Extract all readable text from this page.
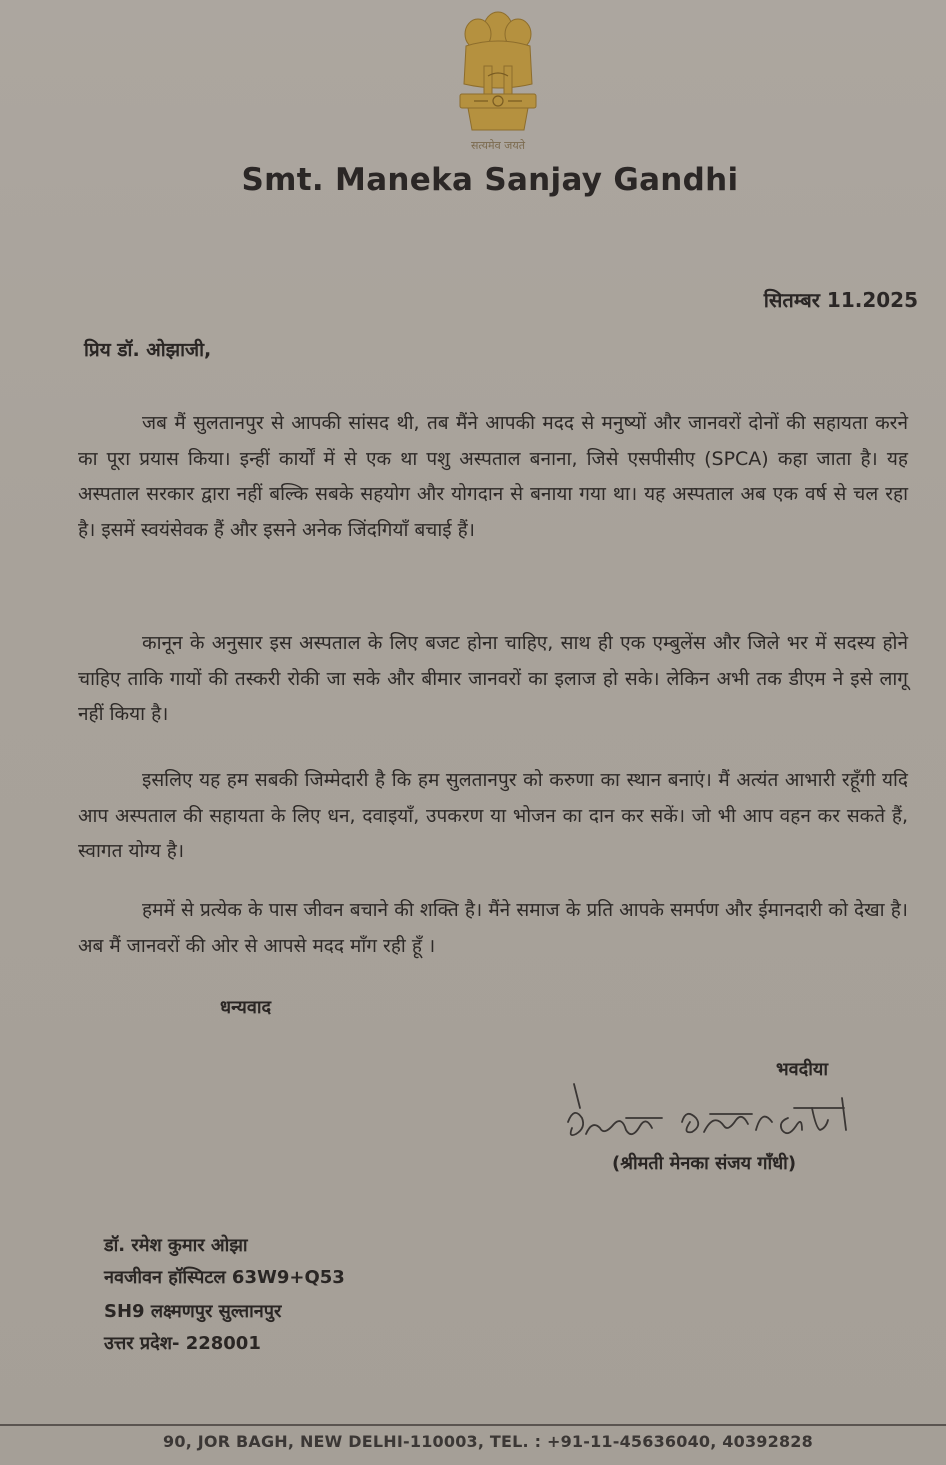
सत्यमेव जयते
Smt. Maneka Sanjay Gandhi
सितम्बर 11.2025
प्रिय डॉ. ओझाजी,
जब मैं सुलतानपुर से आपकी सांसद थी, तब मैंने आपकी मदद से मनुष्यों और जानवरों दोनों की सहायता करने का पूरा प्रयास किया। इन्हीं कार्यों में से एक था पशु अस्पताल बनाना, जिसे एसपीसीए (SPCA) कहा जाता है। यह अस्पताल सरकार द्वारा नहीं बल्कि सबके सहयोग और योगदान से बनाया गया था। यह अस्पताल अब एक वर्ष से चल रहा है। इसमें स्वयंसेवक हैं और इसने अनेक जिंदगियाँ बचाई हैं।
कानून के अनुसार इस अस्पताल के लिए बजट होना चाहिए, साथ ही एक एम्बुलेंस और जिले भर में सदस्य होने चाहिए ताकि गायों की तस्करी रोकी जा सके और बीमार जानवरों का इलाज हो सके। लेकिन अभी तक डीएम ने इसे लागू नहीं किया है।
इसलिए यह हम सबकी जिम्मेदारी है कि हम सुलतानपुर को करुणा का स्थान बनाएं। मैं अत्यंत आभारी रहूँगी यदि आप अस्पताल की सहायता के लिए धन, दवाइयाँ, उपकरण या भोजन का दान कर सकें। जो भी आप वहन कर सकते हैं, स्वागत योग्य है।
हममें से प्रत्येक के पास जीवन बचाने की शक्ति है। मैंने समाज के प्रति आपके समर्पण और ईमानदारी को देखा है। अब मैं जानवरों की ओर से आपसे मदद माँग रही हूँ ।
धन्यवाद
भवदीया
(श्रीमती मेनका संजय गाँधी)
डॉ. रमेश कुमार ओझा
नवजीवन हॉस्पिटल 63W9+Q53
SH9 लक्ष्मणपुर सुल्तानपुर
उत्तर प्रदेश- 228001
90, JOR BAGH, NEW DELHI-110003, TEL. : +91-11-45636040, 40392828
